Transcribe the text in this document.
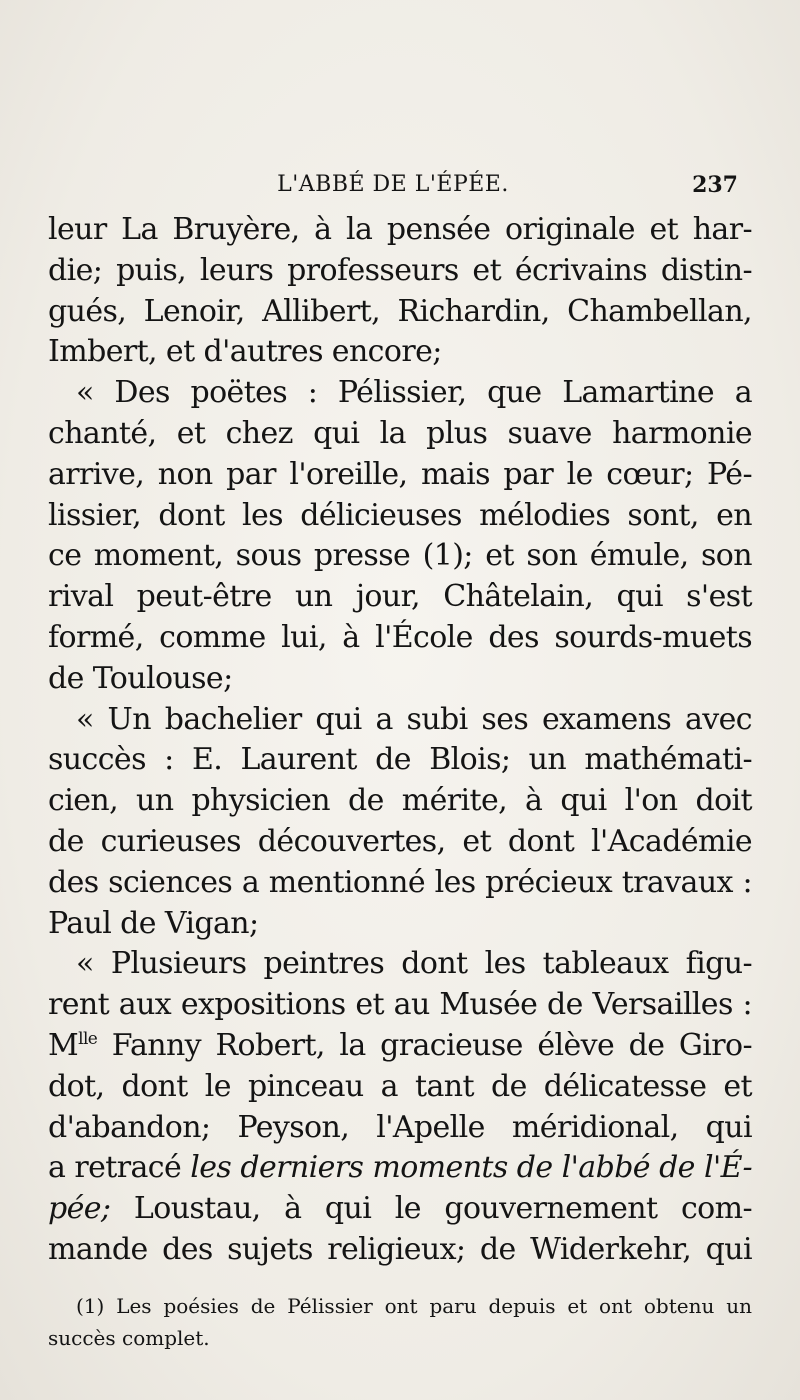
L'ABBÉ DE L'ÉPÉE.	237
leur La Bruyère, à la pensée originale et har-
die; puis, leurs professeurs et écrivains distin-
gués, Lenoir, Allibert, Richardin, Chambellan,
Imbert, et d'autres encore;
« Des poëtes : Pélissier, que Lamartine a
chanté, et chez qui la plus suave harmonie
arrive, non par l'oreille, mais par le cœur; Pé-
lissier, dont les délicieuses mélodies sont, en
ce moment, sous presse (1); et son émule, son
rival peut-être un jour, Châtelain, qui s'est
formé, comme lui, à l'École des sourds-muets
de Toulouse;
« Un bachelier qui a subi ses examens avec
succès : E. Laurent de Blois; un mathémati-
cien, un physicien de mérite, à qui l'on doit
de curieuses découvertes, et dont l'Académie
des sciences a mentionné les précieux travaux :
Paul de Vigan;
« Plusieurs peintres dont les tableaux figu-
rent aux expositions et au Musée de Versailles :
$M^{lle}$ Fanny Robert, la gracieuse élève de Giro-
dot, dont le pinceau a tant de délicatesse et
d'abandon; Peyson, l'Apelle méridional, qui
a retracé les derniers moments de l'abbé de l'É-
pée; Loustau, à qui le gouvernement com-
mande des sujets religieux; de Widerkehr, qui
(1) Les poésies de Pélissier ont paru depuis et ont obtenu un
succès complet.
